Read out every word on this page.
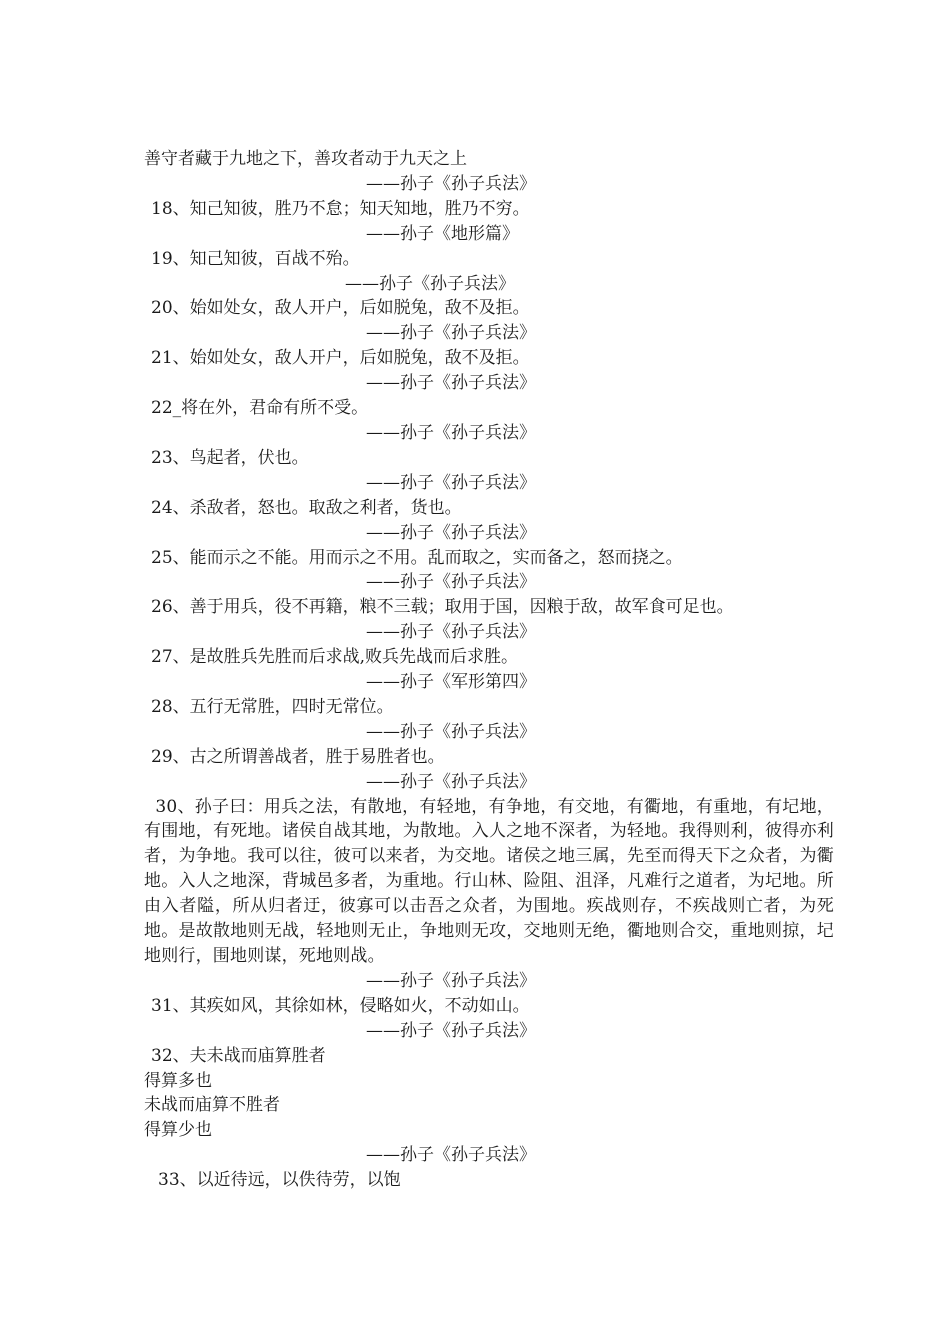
善守者藏于九地之下，善攻者动于九天之上
——孙子《孙子兵法》
18、知己知彼，胜乃不怠；知天知地，胜乃不穷。
——孙子《地形篇》
19、知己知彼，百战不殆。
——孙子《孙子兵法》
20、始如处女，敌人开户，后如脱兔，敌不及拒。
——孙子《孙子兵法》
21、始如处女，敌人开户，后如脱兔，敌不及拒。
——孙子《孙子兵法》
22_将在外，君命有所不受。
——孙子《孙子兵法》
23、鸟起者，伏也。
——孙子《孙子兵法》
24、杀敌者，怒也。取敌之利者，货也。
——孙子《孙子兵法》
25、能而示之不能。用而示之不用。乱而取之，实而备之，怒而挠之。
——孙子《孙子兵法》
26、善于用兵，役不再籍，粮不三载；取用于国，因粮于敌，故军食可足也。
——孙子《孙子兵法》
27、是故胜兵先胜而后求战,败兵先战而后求胜。
——孙子《军形第四》
28、五行无常胜，四时无常位。
——孙子《孙子兵法》
29、古之所谓善战者，胜于易胜者也。
——孙子《孙子兵法》
30、孙子曰：用兵之法，有散地，有轻地，有争地，有交地，有衢地，有重地，有圮地，有围地，有死地。诸侯自战其地，为散地。入人之地不深者，为轻地。我得则利，彼得亦利者，为争地。我可以往，彼可以来者，为交地。诸侯之地三属，先至而得天下之众者，为衢地。入人之地深，背城邑多者，为重地。行山林、险阻、沮泽，凡难行之道者，为圮地。所由入者隘，所从归者迂，彼寡可以击吾之众者，为围地。疾战则存，不疾战则亡者，为死地。是故散地则无战，轻地则无止，争地则无攻，交地则无绝，衢地则合交，重地则掠，圮地则行，围地则谋，死地则战。
——孙子《孙子兵法》
31、其疾如风，其徐如林，侵略如火，不动如山。
——孙子《孙子兵法》
32、夫未战而庙算胜者
得算多也
未战而庙算不胜者
得算少也
——孙子《孙子兵法》
33、以近待远，以佚待劳，以饱
